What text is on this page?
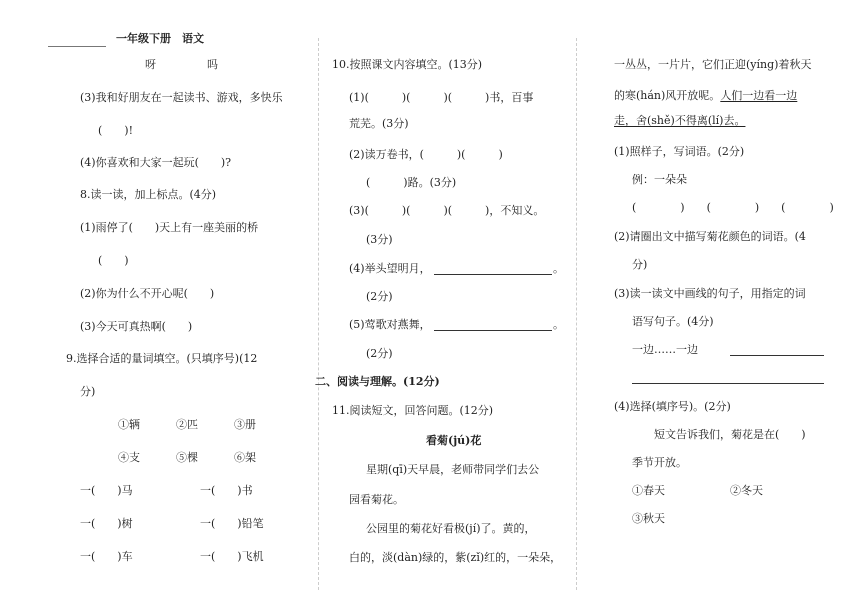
一年级下册　语文
呀	吗
(3)我和好朋友在一起读书、游戏，多快乐
(　　)!
(4)你喜欢和大家一起玩(　　)?
8.读一读，加上标点。(4分)
(1)雨停了(　　)天上有一座美丽的桥
(　　)
(2)你为什么不开心呢(　　)
(3)今天可真热啊(　　)
9.选择合适的量词填空。(只填序号)(12
分)
①辆	②匹	③册
④支	⑤棵	⑥架
一(　　)马	一(　　)书
一(　　)树	一(　　)铅笔
一(　　)车	一(　　)飞机
10.按照课文内容填空。(13分)
(1)(　　　)(　　　)(　　　)书，百事
荒芜。(3分)
(2)读万卷书，(　　　)(　　　)
(　　　)路。(3分)
(3)(　　　)(　　　)(　　　)，不知义。
(3分)
(4)举头望明月，	。
(2分)
(5)莺歌对燕舞，	。
(2分)
二、阅读与理解。(12分)
11.阅读短文，回答问题。(12分)
看菊(jú)花
星期(qī)天早晨，老师带同学们去公
园看菊花。
公园里的菊花好看极(jí)了。黄的，
白的，淡(dàn)绿的，紫(zǐ)红的，一朵朵，
一丛丛，一片片，它们正迎(yíng)着秋天
的寒(hán)风开放呢。人们一边看一边
走，舍(shě)不得离(lí)去。
(1)照样子，写词语。(2分)
例：一朵朵
(　　　　)　　(　　　　)　　(　　　　)
(2)请圈出文中描写菊花颜色的词语。(4
分)
(3)读一读文中画线的句子，用指定的词
语写句子。(4分)
一边……一边
(4)选择(填序号)。(2分)
短文告诉我们，菊花是在(　　)
季节开放。
①春天	②冬天
③秋天
